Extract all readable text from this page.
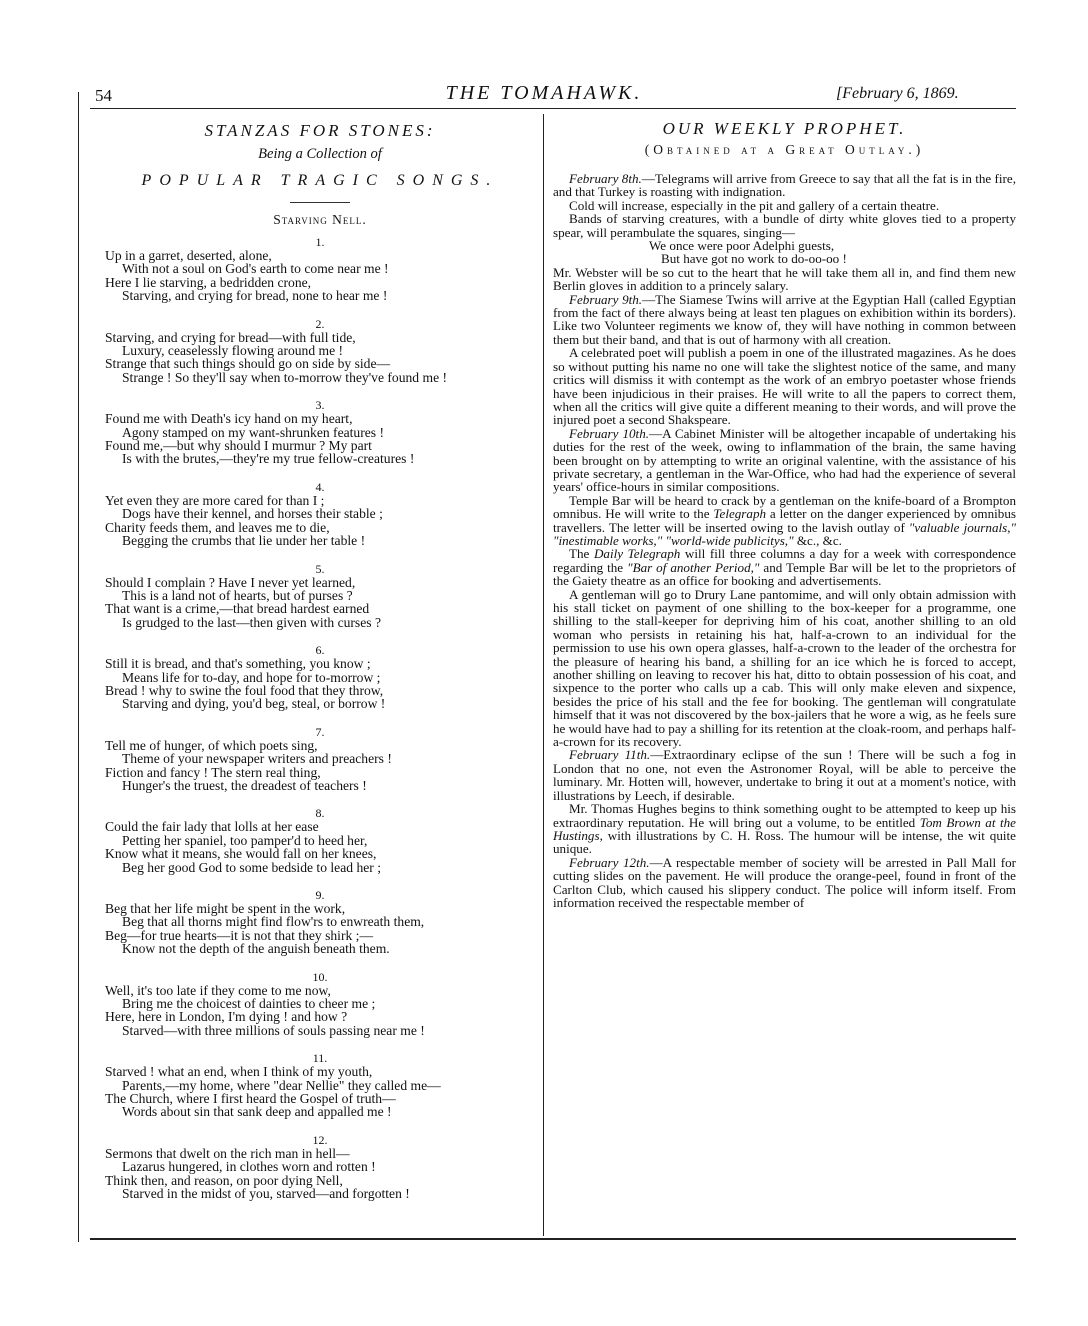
54	THE TOMAHAWK.	[February 6, 1869.
STANZAS FOR STONES:
Being a Collection of
POPULAR TRAGIC SONGS.
Starving Nell.

1.

Up in a garret, deserted, alone,
With not a soul on God's earth to come near me !
Here I lie starving, a bedridden crone,
Starving, and crying for bread, none to hear me !

2.

Starving, and crying for bread—with full tide,
Luxury, ceaselessly flowing around me !
Strange that such things should go on side by side—
Strange ! So they'll say when to-morrow they've found me !

3.

Found me with Death's icy hand on my heart,
Agony stamped on my want-shrunken features !
Found me,—but why should I murmur ? My part
Is with the brutes,—they're my true fellow-creatures !

4.

Yet even they are more cared for than I ;
Dogs have their kennel, and horses their stable ;
Charity feeds them, and leaves me to die,
Begging the crumbs that lie under her table !

5.

Should I complain ? Have I never yet learned,
This is a land not of hearts, but of purses ?
That want is a crime,—that bread hardest earned
Is grudged to the last—then given with curses ?

6.

Still it is bread, and that's something, you know ;
Means life for to-day, and hope for to-morrow ;
Bread ! why to swine the foul food that they throw,
Starving and dying, you'd beg, steal, or borrow !

7.

Tell me of hunger, of which poets sing,
Theme of your newspaper writers and preachers !
Fiction and fancy ! The stern real thing,
Hunger's the truest, the dreadest of teachers !

8.

Could the fair lady that lolls at her ease
Petting her spaniel, too pamper'd to heed her,
Know what it means, she would fall on her knees,
Beg her good God to some bedside to lead her ;

9.

Beg that her life might be spent in the work,
Beg that all thorns might find flow'rs to enwreath them,
Beg—for true hearts—it is not that they shirk ;—
Know not the depth of the anguish beneath them.

10.

Well, it's too late if they come to me now,
Bring me the choicest of dainties to cheer me ;
Here, here in London, I'm dying ! and how ?
Starved—with three millions of souls passing near me !

11.

Starved ! what an end, when I think of my youth,
Parents,—my home, where "dear Nellie" they called me—
The Church, where I first heard the Gospel of truth—
Words about sin that sank deep and appalled me !

12.

Sermons that dwelt on the rich man in hell—
Lazarus hungered, in clothes worn and rotten !
Think then, and reason, on poor dying Nell,
Starved in the midst of you, starved—and forgotten !
OUR WEEKLY PROPHET.
(Obtained at a Great Outlay.)

February 8th.—Telegrams will arrive from Greece to say that all the fat is in the fire, and that Turkey is roasting with indignation.

Cold will increase, especially in the pit and gallery of a certain theatre.

Bands of starving creatures, with a bundle of dirty white gloves tied to a property spear, will perambulate the squares, singing—

We once were poor Adelphi guests,
But have got no work to do-oo-oo !

Mr. Webster will be so cut to the heart that he will take them all in, and find them new Berlin gloves in addition to a princely salary.

February 9th.—The Siamese Twins will arrive at the Egyptian Hall (called Egyptian from the fact of there always being at least ten plagues on exhibition within its borders). Like two Volunteer regiments we know of, they will have nothing in common between them but their band, and that is out of harmony with all creation.

A celebrated poet will publish a poem in one of the illustrated magazines. As he does so without putting his name no one will take the slightest notice of the same, and many critics will dismiss it with contempt as the work of an embryo poetaster whose friends have been injudicious in their praises. He will write to all the papers to correct them, when all the critics will give quite a different meaning to their words, and will prove the injured poet a second Shakspeare.

February 10th.—A Cabinet Minister will be altogether incapable of undertaking his duties for the rest of the week, owing to inflammation of the brain, the same having been brought on by attempting to write an original valentine, with the assistance of his private secretary, a gentleman in the War-Office, who had had the experience of several years' office-hours in similar compositions.

Temple Bar will be heard to crack by a gentleman on the knife-board of a Brompton omnibus. He will write to the Telegraph a letter on the danger experienced by omnibus travellers. The letter will be inserted owing to the lavish outlay of "valuable journals," "inestimable works," "world-wide publicitys," &c., &c.

The Daily Telegraph will fill three columns a day for a week with correspondence regarding the "Bar of another Period," and Temple Bar will be let to the proprietors of the Gaiety theatre as an office for booking and advertisements.

A gentleman will go to Drury Lane pantomime, and will only obtain admission with his stall ticket on payment of one shilling to the box-keeper for a programme, one shilling to the stall-keeper for depriving him of his coat, another shilling to an old woman who persists in retaining his hat, half-a-crown to an individual for the permission to use his own opera glasses, half-a-crown to the leader of the orchestra for the pleasure of hearing his band, a shilling for an ice which he is forced to accept, another shilling on leaving to recover his hat, ditto to obtain possession of his coat, and sixpence to the porter who calls up a cab. This will only make eleven and sixpence, besides the price of his stall and the fee for booking. The gentleman will congratulate himself that it was not discovered by the box-jailers that he wore a wig, as he feels sure he would have had to pay a shilling for its retention at the cloak-room, and perhaps half-a-crown for its recovery.

February 11th.—Extraordinary eclipse of the sun ! There will be such a fog in London that no one, not even the Astronomer Royal, will be able to perceive the luminary. Mr. Hotten will, however, undertake to bring it out at a moment's notice, with illustrations by Leech, if desirable.

Mr. Thomas Hughes begins to think something ought to be attempted to keep up his extraordinary reputation. He will bring out a volume, to be entitled Tom Brown at the Hustings, with illustrations by C. H. Ross. The humour will be intense, the wit quite unique.

February 12th.—A respectable member of society will be arrested in Pall Mall for cutting slides on the pavement. He will produce the orange-peel, found in front of the Carlton Club, which caused his slippery conduct. The police will inform itself. From information received the respectable member of
